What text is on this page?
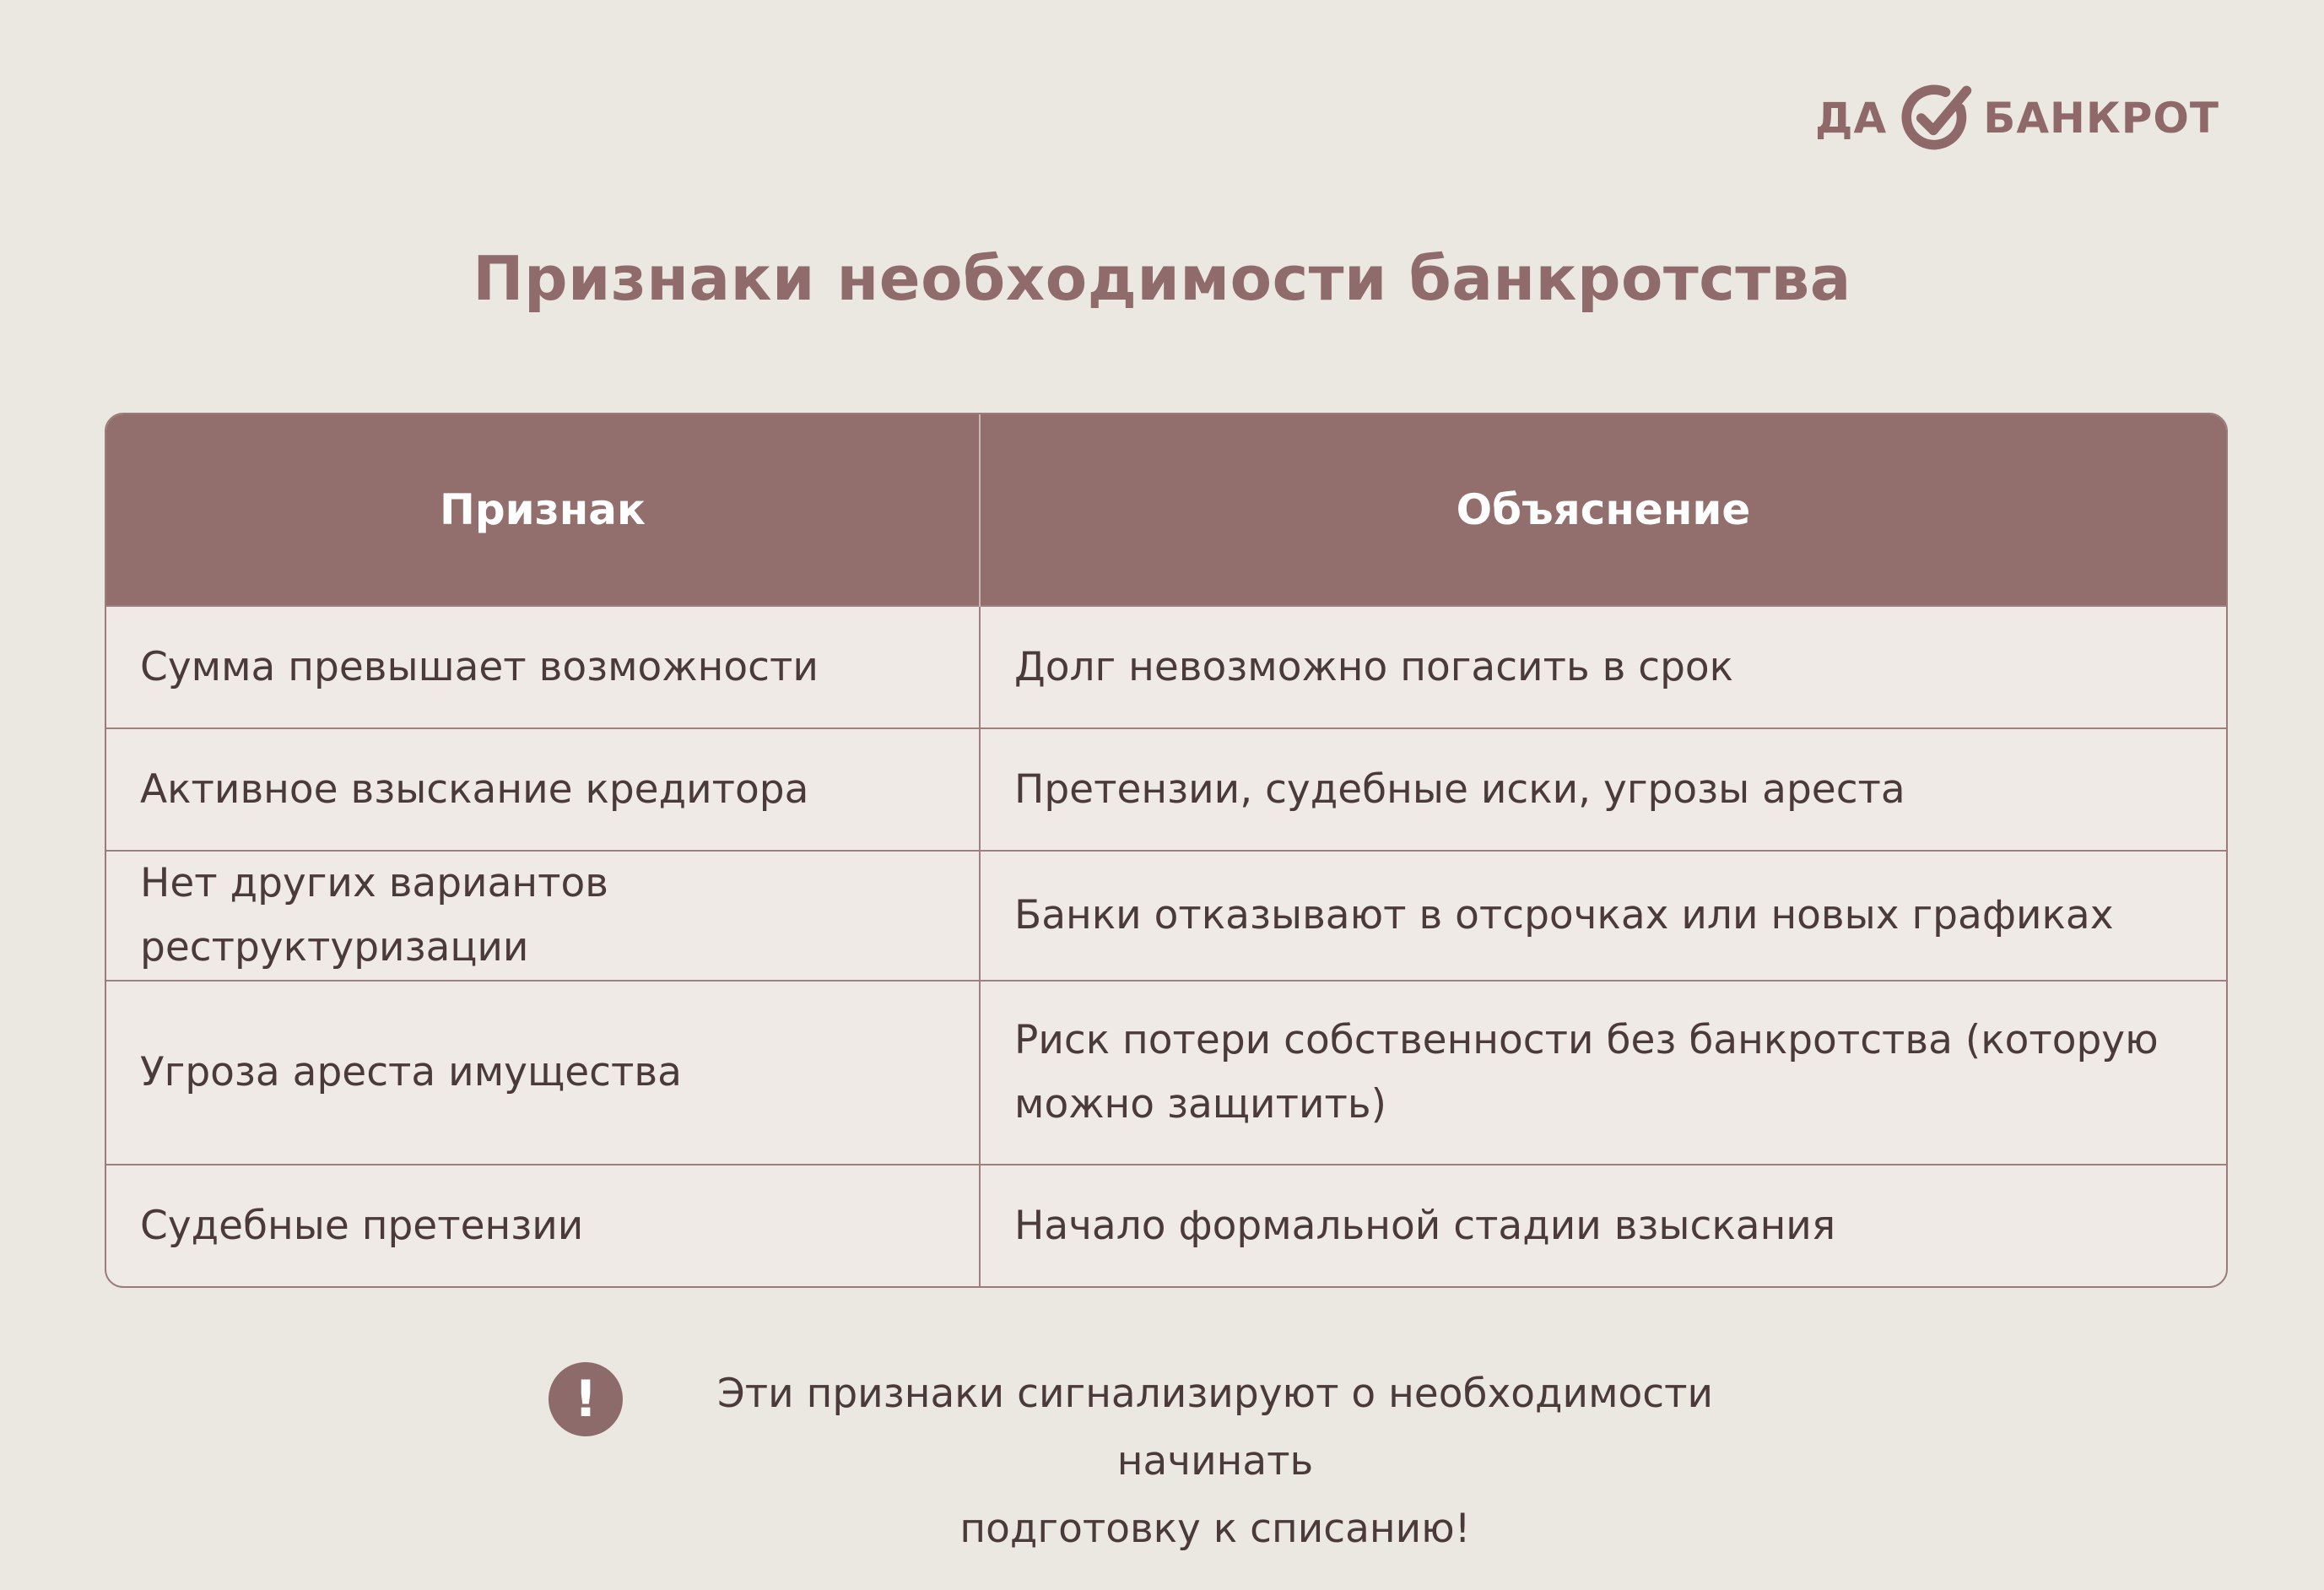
ДА БАНКРОТ
Признаки необходимости банкротства
Признак	Объяснение
Сумма превышает возможности	Долг невозможно погасить в срок
Активное взыскание кредитора	Претензии, судебные иски, угрозы ареста
Нет других вариантов реструктуризации	Банки отказывают в отсрочках или новых графиках
Угроза ареста имущества	Риск потери собственности без банкротства (которую можно защитить)
Судебные претензии	Начало формальной стадии взыскания
!	Эти признаки сигнализируют о необходимости начинать
подготовку к списанию!
